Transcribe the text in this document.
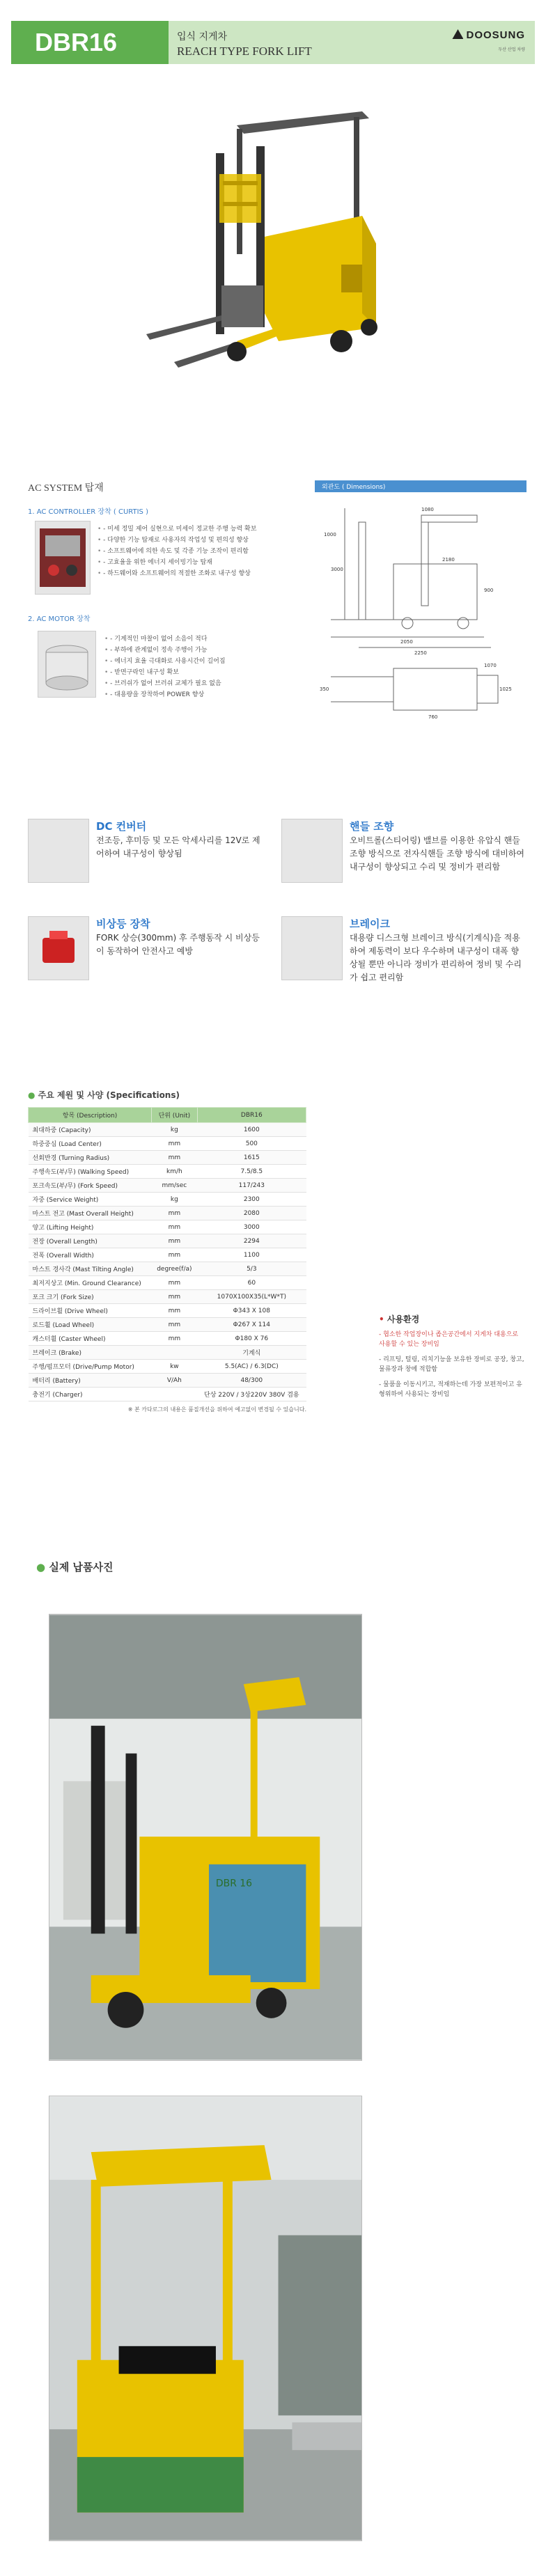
DBR16	입식 지게차
REACH TYPE FORK LIFT
DOOSUNG
두산 산업 차량
AC SYSTEM 탑재	외관도 ( Dimensions)
1. AC CONTROLLER 장착 ( CURTIS )
• - 미세 정밀 제어 실현으로 미세이 정교한 주행 능력 확보
• - 다양한 기능 탑재로 사용자의 작업성 및 편의성 향상
• - 소프트웨어에 의한 속도 및 각종 기능 조작이 편리함
• - 고효율을 위한 에너지 세이빙기능 탑재
• - 하드웨어와 소프트웨어의 적절한 조화로 내구성 향상
2. AC MOTOR 장착
• - 기계적인 마찰이 없어 소음이 적다
• - 부하에 관계없이 정속 주행이 가능
• - 에너지 효율 극대화로 사용시간이 길어짐
• - 받면구락인 내구성 확보
• - 브러쉬가 없어 브러쉬 교체가 필요 없음
• - 대용량을 장착하여 POWER 향상
1080
2180
1000
900
3000
2050
2250
1070
1025
350
760
DC 컨버터
전조등, 후미등 및 모든 악세사리를 12V로 제어하여 내구성이 향상됨
핸들 조향
오비트롤(스티어링) 밸브를 이용한 유압식 핸들 조향 방식으로 전자식핸들 조향 방식에 대비하여 내구성이 향상되고 수리 및 정비가 편리함
비상등 장착
FORK 상승(300mm) 후 주행동작 시 비상등이 동작하여 안전사고 예방
브레이크
대용량 디스크형 브레이크 방식(기계식)을 적용하여 제동력이 보다 우수하며 내구성이 대폭 향상될 뿐만 아니라 정비가 편리하여 정비 및 수리가 쉽고 편리함
● 주요 제원 및 사양 (Specifications)
항목 (Description)	단위 (Unit)	DBR16
최대하중 (Capacity)	kg	1600
하중중심 (Load Center)	mm	500
선회반경 (Turning Radius)	mm	1615
주행속도(부/무) (Walking Speed)	km/h	7.5/8.5
포크속도(부/무) (Fork Speed)	mm/sec	117/243
자중 (Service Weight)	kg	2300
마스트 전고 (Mast Overall Height)	mm	2080
양고 (Lifting Height)	mm	3000
전장 (Overall Length)	mm	2294
전폭 (Overall Width)	mm	1100
마스트 경사각 (Mast Tilting Angle)	degree(f/a)	5/3
최저지상고 (Min. Ground Clearance)	mm	60
포크 크기 (Fork Size)	mm	1070X100X35(L*W*T)
드라이브휠 (Drive Wheel)	mm	Φ343 X 108
로드휠 (Load Wheel)	mm	Φ267 X 114
캐스터휠 (Caster Wheel)	mm	Φ180 X 76
브레이크 (Brake)		기계식
주행/펌프모터 (Drive/Pump Motor)	kw	5.5(AC) / 6.3(DC)
배터리 (Battery)	V/Ah	48/300
충전기 (Charger)		단상 220V / 3상220V 380V 겸용
※ 본 카다로그의 내용은 품질개선을 위하여 예고없이 변경될 수 있습니다.
• 사용환경
- 협소한 작업장이나 좁은공간에서 지게차 대용으로 사용할 수 있는 장비임
- 리프팅, 털링, 리치기능을 보유한 장비로 공장, 창고, 물류장과 창에 적합함
- 물품을 이동시키고, 적재하는데 가장 보편적이고 유형위하여 사용되는 장비임
● 실제 납품사진
DBR 16
